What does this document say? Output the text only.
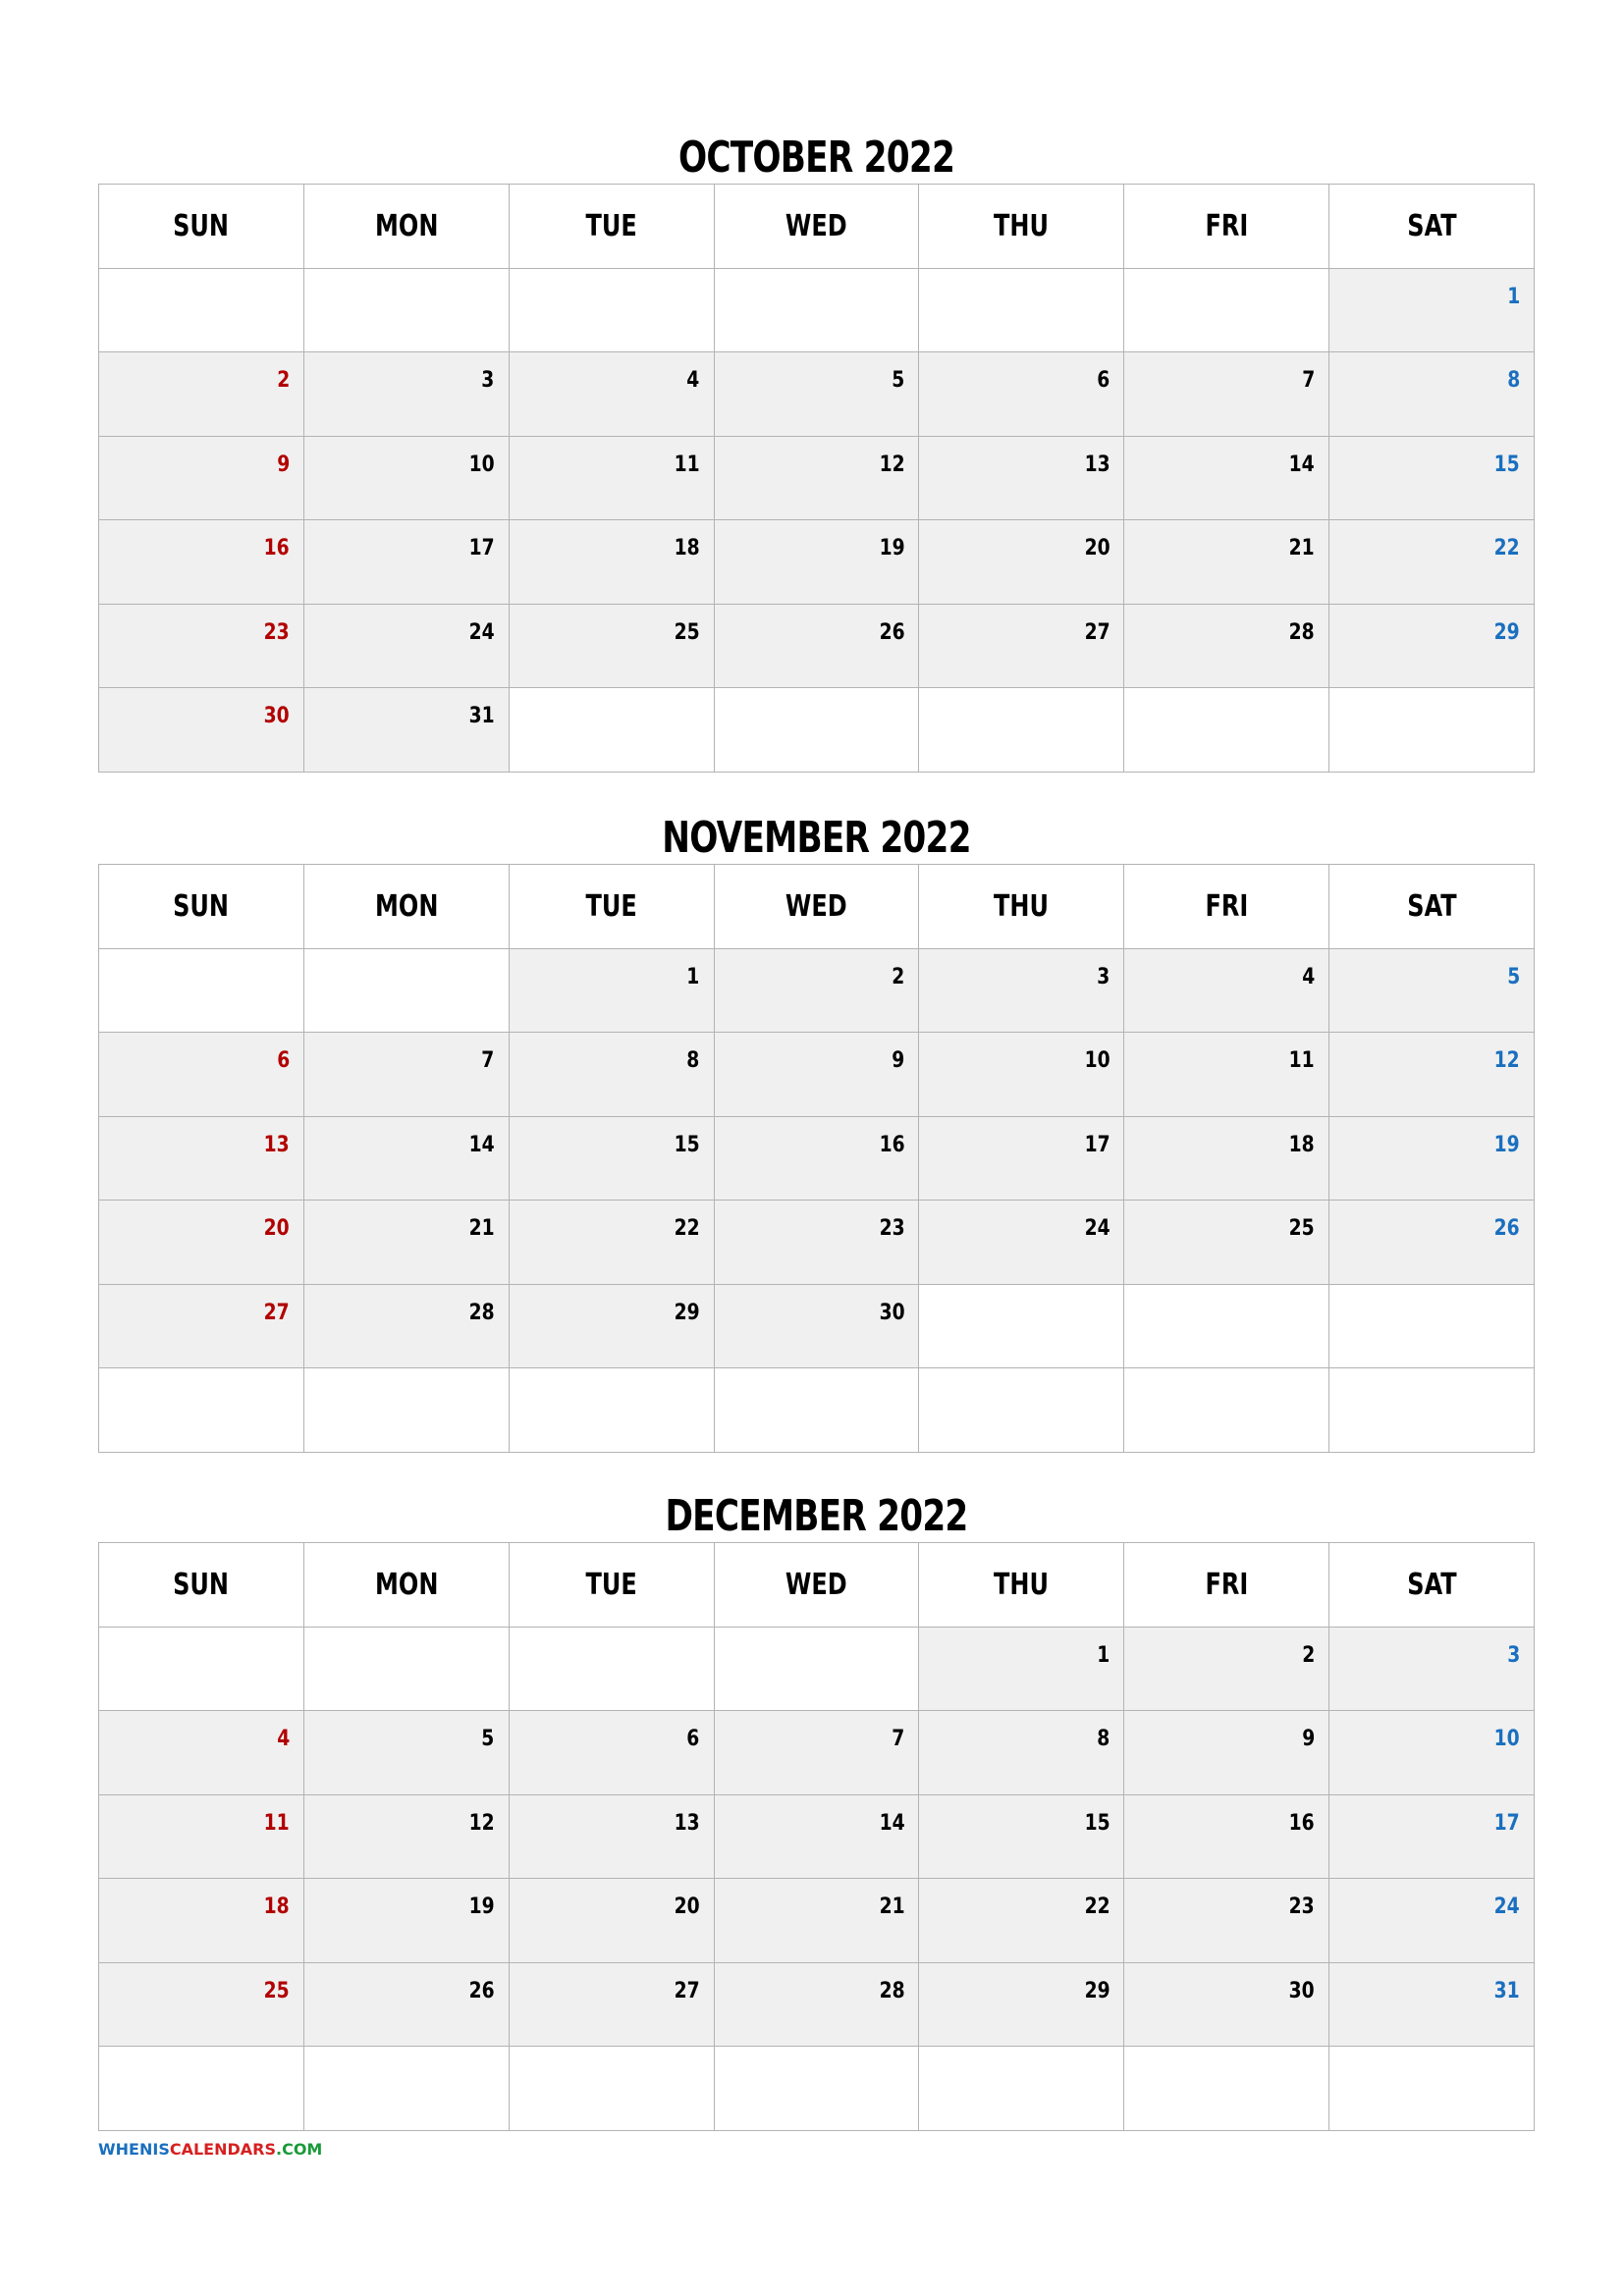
OCTOBER 2022
SUN	MON	TUE	WED	THU	FRI	SAT
						1
2	3	4	5	6	7	8
9	10	11	12	13	14	15
16	17	18	19	20	21	22
23	24	25	26	27	28	29
30	31					
NOVEMBER 2022
SUN	MON	TUE	WED	THU	FRI	SAT
		1	2	3	4	5
6	7	8	9	10	11	12
13	14	15	16	17	18	19
20	21	22	23	24	25	26
27	28	29	30			

DECEMBER 2022
SUN	MON	TUE	WED	THU	FRI	SAT
				1	2	3
4	5	6	7	8	9	10
11	12	13	14	15	16	17
18	19	20	21	22	23	24
25	26	27	28	29	30	31

WHENISCALENDARS.COM
